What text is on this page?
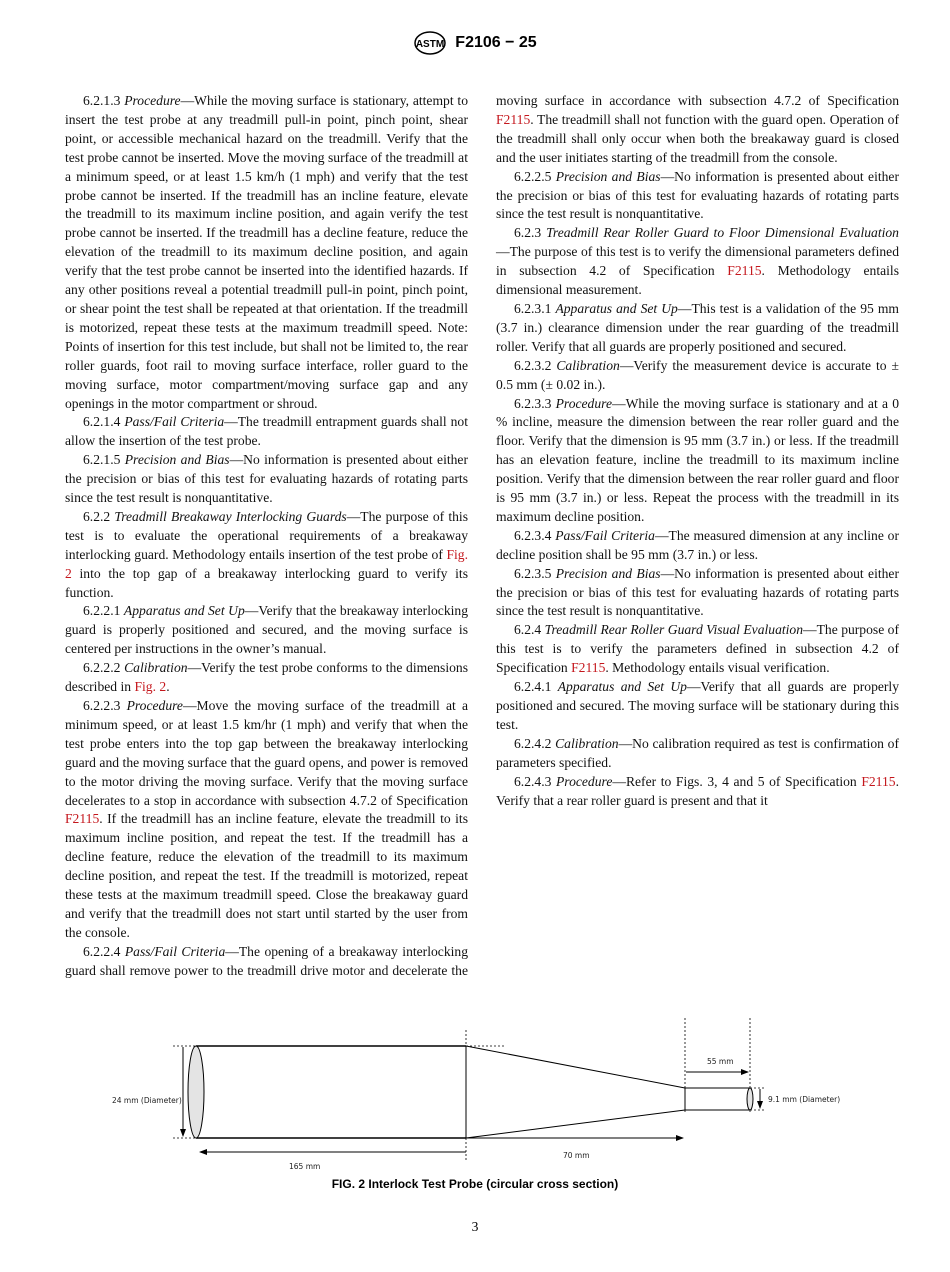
ASTM F2106 − 25

6.2.1.3 Procedure—While the moving surface is stationary, attempt to insert the test probe at any treadmill pull-in point, pinch point, shear point, or accessible mechanical hazard on the treadmill. Verify that the test probe cannot be inserted. Move the moving surface of the treadmill at a minimum speed, or at least 1.5 km/h (1 mph) and verify that the test probe cannot be inserted. If the treadmill has an incline feature, elevate the treadmill to its maximum incline position, and again verify the test probe cannot be inserted. If the treadmill has a decline feature, reduce the elevation of the treadmill to its maximum decline position, and again verify that the test probe cannot be inserted into the identified hazards. If any other positions reveal a potential treadmill pull-in point, pinch point, or shear point the test shall be repeated at that orientation. If the treadmill is motorized, repeat these tests at the maximum treadmill speed. Note: Points of insertion for this test include, but shall not be limited to, the rear roller guards, foot rail to moving surface interface, roller guard to the moving surface, motor compartment/moving surface gap and any openings in the motor compartment or shroud.

6.2.1.4 Pass/Fail Criteria—The treadmill entrapment guards shall not allow the insertion of the test probe.

6.2.1.5 Precision and Bias—No information is presented about either the precision or bias of this test for evaluating hazards of rotating parts since the test result is nonquantitative.

6.2.2 Treadmill Breakaway Interlocking Guards—The purpose of this test is to evaluate the operational requirements of a breakaway interlocking guard. Methodology entails insertion of the test probe of Fig. 2 into the top gap of a breakaway interlocking guard to verify its function.

6.2.2.1 Apparatus and Set Up—Verify that the breakaway interlocking guard is properly positioned and secured, and the moving surface is centered per instructions in the owner’s manual.

6.2.2.2 Calibration—Verify the test probe conforms to the dimensions described in Fig. 2.

6.2.2.3 Procedure—Move the moving surface of the treadmill at a minimum speed, or at least 1.5 km/hr (1 mph) and verify that when the test probe enters into the top gap between the breakaway interlocking guard and the moving surface that the guard opens, and power is removed to the motor driving the moving surface. Verify that the moving surface decelerates to a stop in accordance with subsection 4.7.2 of Specification F2115. If the treadmill has an incline feature, elevate the treadmill to its maximum incline position, and repeat the test. If the treadmill has a decline feature, reduce the elevation of the treadmill to its maximum decline position, and repeat the test. If the treadmill is motorized, repeat these tests at the maximum treadmill speed. Close the breakaway guard and verify that the treadmill does not start until started by the user from the console.

6.2.2.4 Pass/Fail Criteria—The opening of a breakaway interlocking guard shall remove power to the treadmill drive motor and decelerate the moving surface in accordance with subsection 4.7.2 of Specification F2115. The treadmill shall not function with the guard open. Operation of the treadmill shall only occur when both the breakaway guard is closed and the user initiates starting of the treadmill from the console.

6.2.2.5 Precision and Bias—No information is presented about either the precision or bias of this test for evaluating hazards of rotating parts since the test result is nonquantitative.

6.2.3 Treadmill Rear Roller Guard to Floor Dimensional Evaluation—The purpose of this test is to verify the dimensional parameters defined in subsection 4.2 of Specification F2115. Methodology entails dimensional measurement.

6.2.3.1 Apparatus and Set Up—This test is a validation of the 95 mm (3.7 in.) clearance dimension under the rear guarding of the treadmill roller. Verify that all guards are properly positioned and secured.

6.2.3.2 Calibration—Verify the measurement device is accurate to ± 0.5 mm (± 0.02 in.).

6.2.3.3 Procedure—While the moving surface is stationary and at a 0 % incline, measure the dimension between the rear roller guard and the floor. Verify that the dimension is 95 mm (3.7 in.) or less. If the treadmill has an elevation feature, incline the treadmill to its maximum incline position. Verify that the dimension between the rear roller guard and floor is 95 mm (3.7 in.) or less. Repeat the process with the treadmill in its maximum decline position.

6.2.3.4 Pass/Fail Criteria—The measured dimension at any incline or decline position shall be 95 mm (3.7 in.) or less.

6.2.3.5 Precision and Bias—No information is presented about either the precision or bias of this test for evaluating hazards of rotating parts since the test result is nonquantitative.

6.2.4 Treadmill Rear Roller Guard Visual Evaluation—The purpose of this test is to verify the parameters defined in subsection 4.2 of Specification F2115. Methodology entails visual verification.

6.2.4.1 Apparatus and Set Up—Verify that all guards are properly positioned and secured. The moving surface will be stationary during this test.

6.2.4.2 Calibration—No calibration required as test is confirmation of parameters specified.

6.2.4.3 Procedure—Refer to Figs. 3, 4 and 5 of Specification F2115. Verify that a rear roller guard is present and that it

24 mm (Diameter)	9.1 mm (Diameter)
165 mm
70 mm
55 mm
FIG. 2 Interlock Test Probe (circular cross section)
3
